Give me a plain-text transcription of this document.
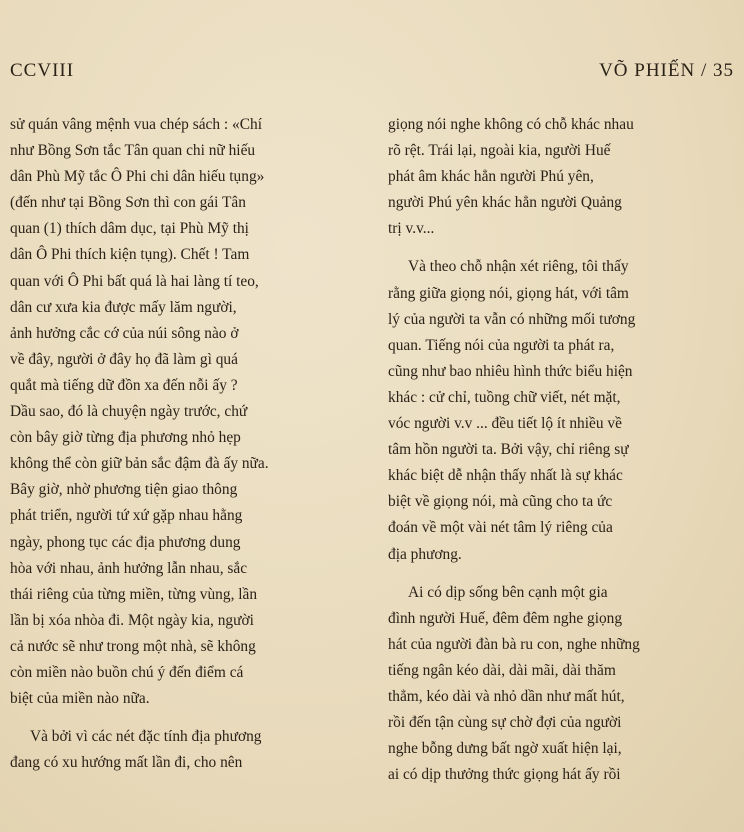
CCVIII	VÕ PHIẾN / 35
sử quán vâng mệnh vua chép sách : «Chí
như Bồng Sơn tắc Tân quan chi nữ hiếu
dân Phù Mỹ tắc Ô Phi chi dân hiếu tụng»
(đến như tại Bồng Sơn thì con gái Tân
quan (1) thích dâm dục, tại Phù Mỹ thị
dân Ô Phi thích kiện tụng). Chết ! Tam
quan với Ô Phi bất quá là hai làng tí teo,
dân cư xưa kia được mấy lăm người,
ảnh hưởng cắc cớ của núi sông nào ở
về đây, người ở đây họ đã làm gì quá
quắt mà tiếng dữ đồn xa đến nỗi ấy ?
Dầu sao, đó là chuyện ngày trước, chứ
còn bây giờ từng địa phương nhỏ hẹp
không thể còn giữ bản sắc đậm đà ấy nữa.
Bây giờ, nhờ phương tiện giao thông
phát triển, người tứ xứ gặp nhau hằng
ngày, phong tục các địa phương dung
hòa với nhau, ảnh hưởng lẫn nhau, sắc
thái riêng của từng miền, từng vùng, lần
lần bị xóa nhòa đi. Một ngày kia, người
cả nước sẽ như trong một nhà, sẽ không
còn miền nào buồn chú ý đến điểm cá
biệt của miền nào nữa.
Và bởi vì các nét đặc tính địa phương
đang có xu hướng mất lần đi, cho nên
giọng nói nghe không có chỗ khác nhau
rõ rệt. Trái lại, ngoài kia, người Huế
phát âm khác hẳn người Phú yên,
người Phú yên khác hẳn người Quảng
trị v.v...
Và theo chỗ nhận xét riêng, tôi thấy
rằng giữa giọng nói, giọng hát, với tâm
lý của người ta vẫn có những mối tương
quan. Tiếng nói của người ta phát ra,
cũng như bao nhiêu hình thức biểu hiện
khác : cử chỉ, tuồng chữ viết, nét mặt,
vóc người v.v ... đều tiết lộ ít nhiều về
tâm hồn người ta. Bởi vậy, chỉ riêng sự
khác biệt dễ nhận thấy nhất là sự khác
biệt về giọng nói, mà cũng cho ta ức
đoán về một vài nét tâm lý riêng của
địa phương.
Ai có dịp sống bên cạnh một gia
đình người Huế, đêm đêm nghe giọng
hát của người đàn bà ru con, nghe những
tiếng ngân kéo dài, dài mãi, dài thăm
thẳm, kéo dài và nhỏ dần như mất hút,
rồi đến tận cùng sự chờ đợi của người
nghe bỗng dưng bất ngờ xuất hiện lại,
ai có dịp thưởng thức giọng hát ấy rồi
